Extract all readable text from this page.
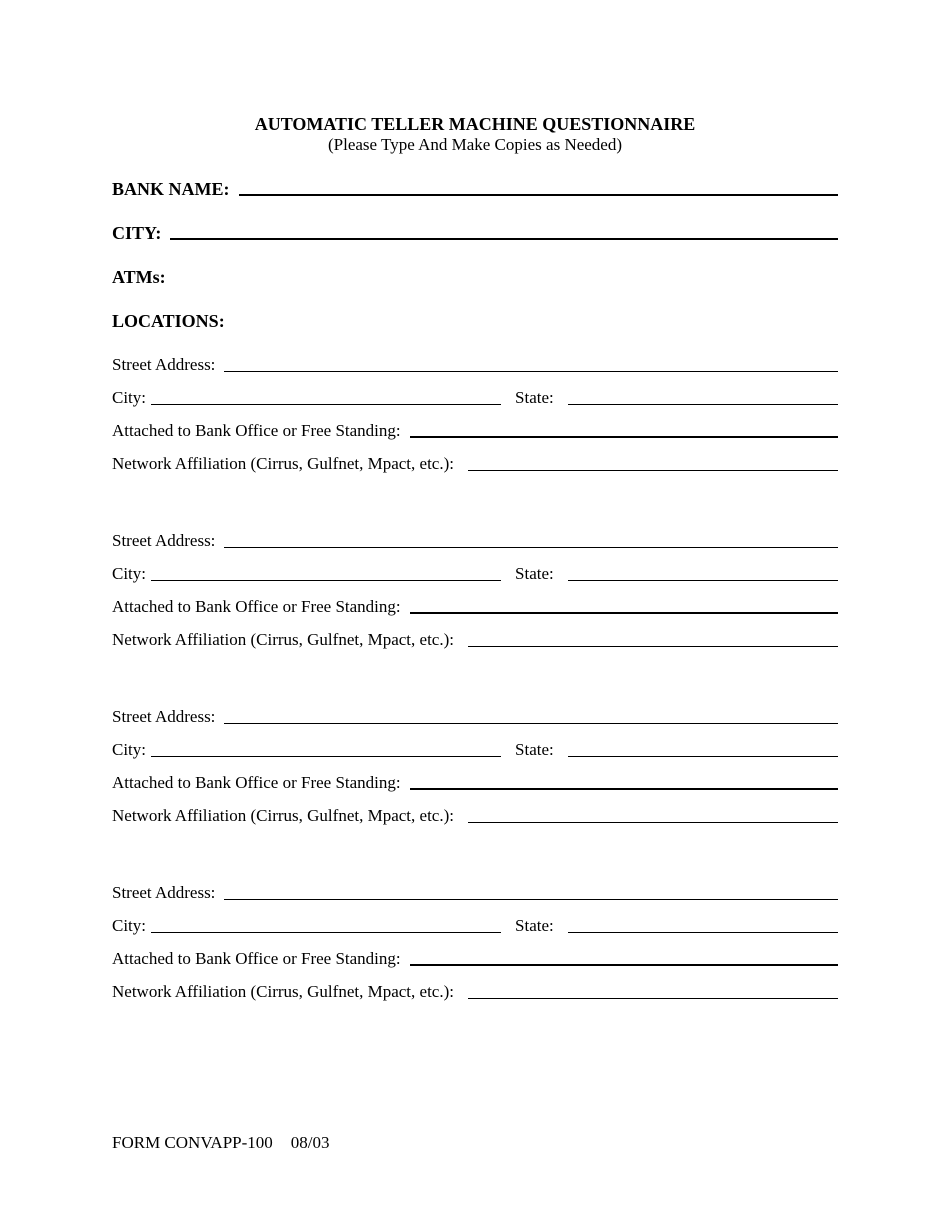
AUTOMATIC TELLER MACHINE QUESTIONNAIRE
(Please Type And Make Copies as Needed)
BANK NAME:
CITY:
ATMs:
LOCATIONS:
Street Address:
City:	State:
Attached to Bank Office or Free Standing:
Network Affiliation (Cirrus, Gulfnet, Mpact, etc.):
Street Address:
City:	State:
Attached to Bank Office or Free Standing:
Network Affiliation (Cirrus, Gulfnet, Mpact, etc.):
Street Address:
City:	State:
Attached to Bank Office or Free Standing:
Network Affiliation (Cirrus, Gulfnet, Mpact, etc.):
Street Address:
City:	State:
Attached to Bank Office or Free Standing:
Network Affiliation (Cirrus, Gulfnet, Mpact, etc.):
FORM CONVAPP-100 08/03
